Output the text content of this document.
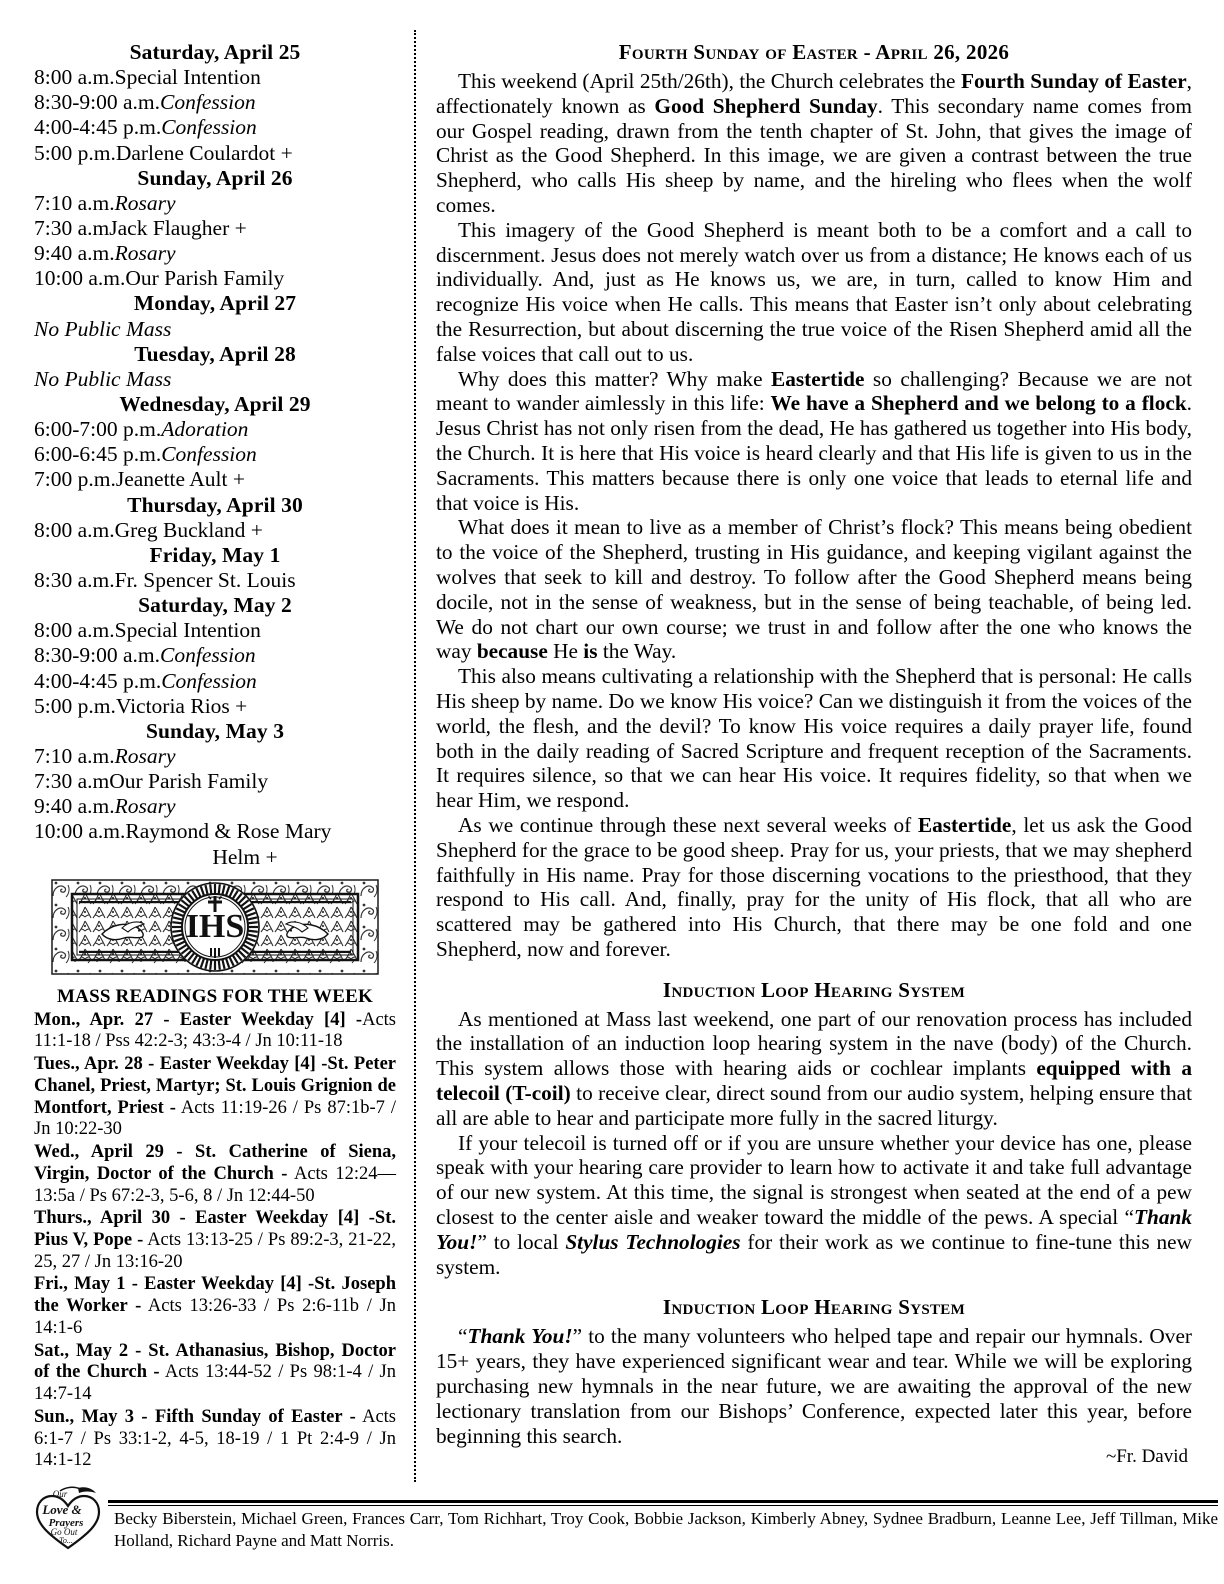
Saturday, April 25
8:00 a.m.Special Intention
8:30-9:00 a.m.Confession
4:00-4:45 p.m.Confession
5:00 p.m.Darlene Coulardot +
Sunday, April 26
7:10 a.m.Rosary
7:30 a.mJack Flaugher +
9:40 a.m.Rosary
10:00 a.m.Our Parish Family
Monday, April 27
No Public Mass
Tuesday, April 28
No Public Mass
Wednesday, April 29
6:00-7:00 p.m.Adoration
6:00-6:45 p.m.Confession
7:00 p.m.Jeanette Ault +
Thursday, April 30
8:00 a.m.Greg Buckland +
Friday, May 1
8:30 a.m.Fr. Spencer St. Louis
Saturday, May 2
8:00 a.m.Special Intention
8:30-9:00 a.m.Confession
4:00-4:45 p.m.Confession
5:00 p.m.Victoria Rios +
Sunday, May 3
7:10 a.m.Rosary
7:30 a.mOur Parish Family
9:40 a.m.Rosary
10:00 a.m.Raymond & Rose Mary
Helm +
IHS
MASS READINGS FOR THE WEEK

Mon., Apr. 27 - Easter Weekday [4] -Acts 11:1-18 / Pss 42:2-3; 43:3-4 / Jn 10:11-18

Tues., Apr. 28 - Easter Weekday [4] -St. Peter Chanel, Priest, Martyr; St. Louis Grignion de Montfort, Priest - Acts 11:19-26 / Ps 87:1b-7 / Jn 10:22-30

Wed., April 29 - St. Catherine of Siena, Virgin, Doctor of the Church - Acts 12:24—13:5a / Ps 67:2-3, 5-6, 8 / Jn 12:44-50

Thurs., April 30 - Easter Weekday [4] -St. Pius V, Pope - Acts 13:13-25 / Ps 89:2-3, 21-22, 25, 27 / Jn 13:16-20

Fri., May 1 - Easter Weekday [4] -St. Joseph the Worker - Acts 13:26-33 / Ps 2:6-11b / Jn 14:1-6

Sat., May 2 - St. Athanasius, Bishop, Doctor of the Church - Acts 13:44-52 / Ps 98:1-4 / Jn 14:7-14

Sun., May 3 - Fifth Sunday of Easter - Acts 6:1-7 / Ps 33:1-2, 4-5, 18-19 / 1 Pt 2:4-9 / Jn 14:1-12

Fourth Sunday of Easter - April 26, 2026

This weekend (April 25th/26th), the Church celebrates the Fourth Sunday of Easter, affectionately known as Good Shepherd Sunday. This secondary name comes from our Gospel reading, drawn from the tenth chapter of St. John, that gives the image of Christ as the Good Shepherd. In this image, we are given a contrast between the true Shepherd, who calls His sheep by name, and the hireling who flees when the wolf comes.

This imagery of the Good Shepherd is meant both to be a comfort and a call to discernment. Jesus does not merely watch over us from a distance; He knows each of us individually. And, just as He knows us, we are, in turn, called to know Him and recognize His voice when He calls. This means that Easter isn’t only about celebrating the Resurrection, but about discerning the true voice of the Risen Shepherd amid all the false voices that call out to us.

Why does this matter? Why make Eastertide so challenging? Because we are not meant to wander aimlessly in this life: We have a Shepherd and we belong to a flock. Jesus Christ has not only risen from the dead, He has gathered us together into His body, the Church. It is here that His voice is heard clearly and that His life is given to us in the Sacraments. This matters because there is only one voice that leads to eternal life and that voice is His.

What does it mean to live as a member of Christ’s flock? This means being obedient to the voice of the Shepherd, trusting in His guidance, and keeping vigilant against the wolves that seek to kill and destroy. To follow after the Good Shepherd means being docile, not in the sense of weakness, but in the sense of being teachable, of being led. We do not chart our own course; we trust in and follow after the one who knows the way because He is the Way.

This also means cultivating a relationship with the Shepherd that is personal: He calls His sheep by name. Do we know His voice? Can we distinguish it from the voices of the world, the flesh, and the devil? To know His voice requires a daily prayer life, found both in the daily reading of Sacred Scripture and frequent reception of the Sacraments. It requires silence, so that we can hear His voice. It requires fidelity, so that when we hear Him, we respond.

As we continue through these next several weeks of Eastertide, let us ask the Good Shepherd for the grace to be good sheep. Pray for us, your priests, that we may shepherd faithfully in His name. Pray for those discerning vocations to the priesthood, that they respond to His call. And, finally, pray for the unity of His flock, that all who are scattered may be gathered into His Church, that there may be one fold and one Shepherd, now and forever.

Induction Loop Hearing System

As mentioned at Mass last weekend, one part of our renovation process has included the installation of an induction loop hearing system in the nave (body) of the Church. This system allows those with hearing aids or cochlear implants equipped with a telecoil (T-coil) to receive clear, direct sound from our audio system, helping ensure that all are able to hear and participate more fully in the sacred liturgy.

If your telecoil is turned off or if you are unsure whether your device has one, please speak with your hearing care provider to learn how to activate it and take full advantage of our new system. At this time, the signal is strongest when seated at the end of a pew closest to the center aisle and weaker toward the middle of the pews. A special “Thank You!” to local Stylus Technologies for their work as we continue to fine-tune this new system.

Induction Loop Hearing System

“Thank You!” to the many volunteers who helped tape and repair our hymnals. Over 15+ years, they have experienced significant wear and tear. While we will be exploring purchasing new hymnals in the near future, we are awaiting the approval of the new lectionary translation from our Bishops’ Conference, expected later this year, before beginning this search.

~Fr. David
Our
Love &
Prayers
Go Out
To...
Becky Biberstein, Michael Green, Frances Carr, Tom Richhart, Troy Cook, Bobbie Jackson, Kimberly Abney, Sydnee Bradburn, Leanne Lee, Jeff Tillman, Mike Holland, Richard Payne and Matt Norris.
